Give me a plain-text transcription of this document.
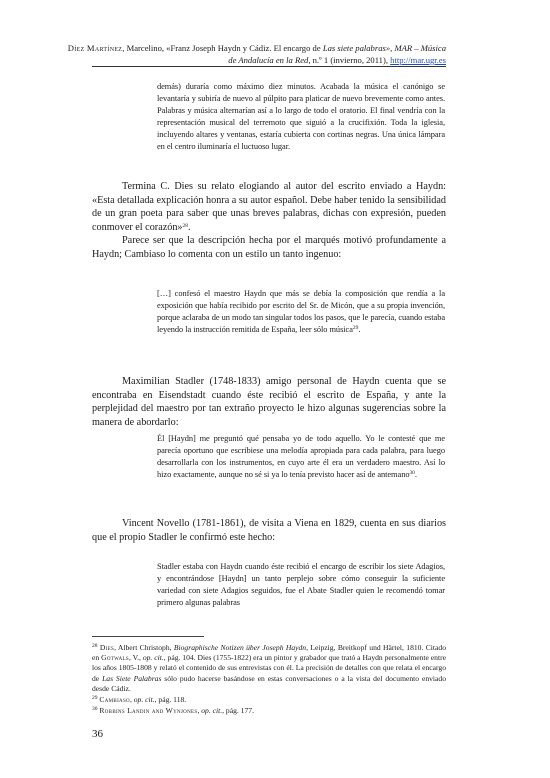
Díez Martínez, Marcelino, «Franz Joseph Haydn y Cádiz. El encargo de Las siete palabras», MAR – Música de Andalucía en la Red, n.º 1 (invierno, 2011), http://mar.ugr.es

demás) duraría como máximo diez minutos. Acabada la música el canónigo se levantaría y subiría de nuevo al púlpito para platicar de nuevo brevemente como antes. Palabras y música alternarían así a lo largo de todo el oratorio. El final vendría con la representación musical del terremoto que siguió a la crucifixión. Toda la iglesia, incluyendo altares y ventanas, estaría cubierta con cortinas negras. Una única lámpara en el centro iluminaría el luctuoso lugar.

Termina C. Dies su relato elogiando al autor del escrito enviado a Haydn: «Esta detallada explicación honra a su autor español. Debe haber tenido la sensibilidad de un gran poeta para saber que unas breves palabras, dichas con expresión, pueden conmover el corazón»$^{28}$.

Parece ser que la descripción hecha por el marqués motivó profundamente a Haydn; Cambiaso lo comenta con un estilo un tanto ingenuo:

[…] confesó el maestro Haydn que más se debía la composición que rendía a la exposición que había recibido por escrito del Sr. de Micón, que a su propia invención, porque aclaraba de un modo tan singular todos los pasos, que le parecía, cuando estaba leyendo la instrucción remitida de España, leer sólo música$^{29}$.

Maximilian Stadler (1748-1833) amigo personal de Haydn cuenta que se encontraba en Eisendstadt cuando éste recibió el escrito de España, y ante la perplejidad del maestro por tan extraño proyecto le hizo algunas sugerencias sobre la manera de abordarlo:

Él [Haydn] me preguntó qué pensaba yo de todo aquello. Yo le contesté que me parecía oportuno que escribiese una melodía apropiada para cada palabra, para luego desarrollarla con los instrumentos, en cuyo arte él era un verdadero maestro. Así lo hizo exactamente, aunque no sé si ya lo tenía previsto hacer así de antemano$^{30}$.

Vincent Novello (1781-1861), de visita a Viena en 1829, cuenta en sus diarios que el propio Stadler le confirmó este hecho:

Stadler estaba con Haydn cuando éste recibió el encargo de escribir los siete Adagios, y encontrándose [Haydn] un tanto perplejo sobre cómo conseguir la suficiente variedad con siete Adagios seguidos, fue el Abate Stadler quien le recomendó tomar primero algunas palabras

$^{28}$ Dies, Albert Christoph, Biographische Notizen über Joseph Haydn, Leipzig, Breitkopf und Härtel, 1810. Citado en Gotwals, V., op. cit., pág. 104. Dies (1755-1822) era un pintor y grabador que trató a Haydn personalmente entre los años 1805-1808 y relató el contenido de sus entrevistas con él. La precisión de detalles con que relata el encargo de Las Siete Palabras sólo pudo hacerse basándose en estas conversaciones o a la vista del documento enviado desde Cádiz.

$^{29}$ Cambiaso, op. cit., pág. 118.

$^{30}$ Robbins Landin and Wynjones, op. cit., pág. 177.

36
